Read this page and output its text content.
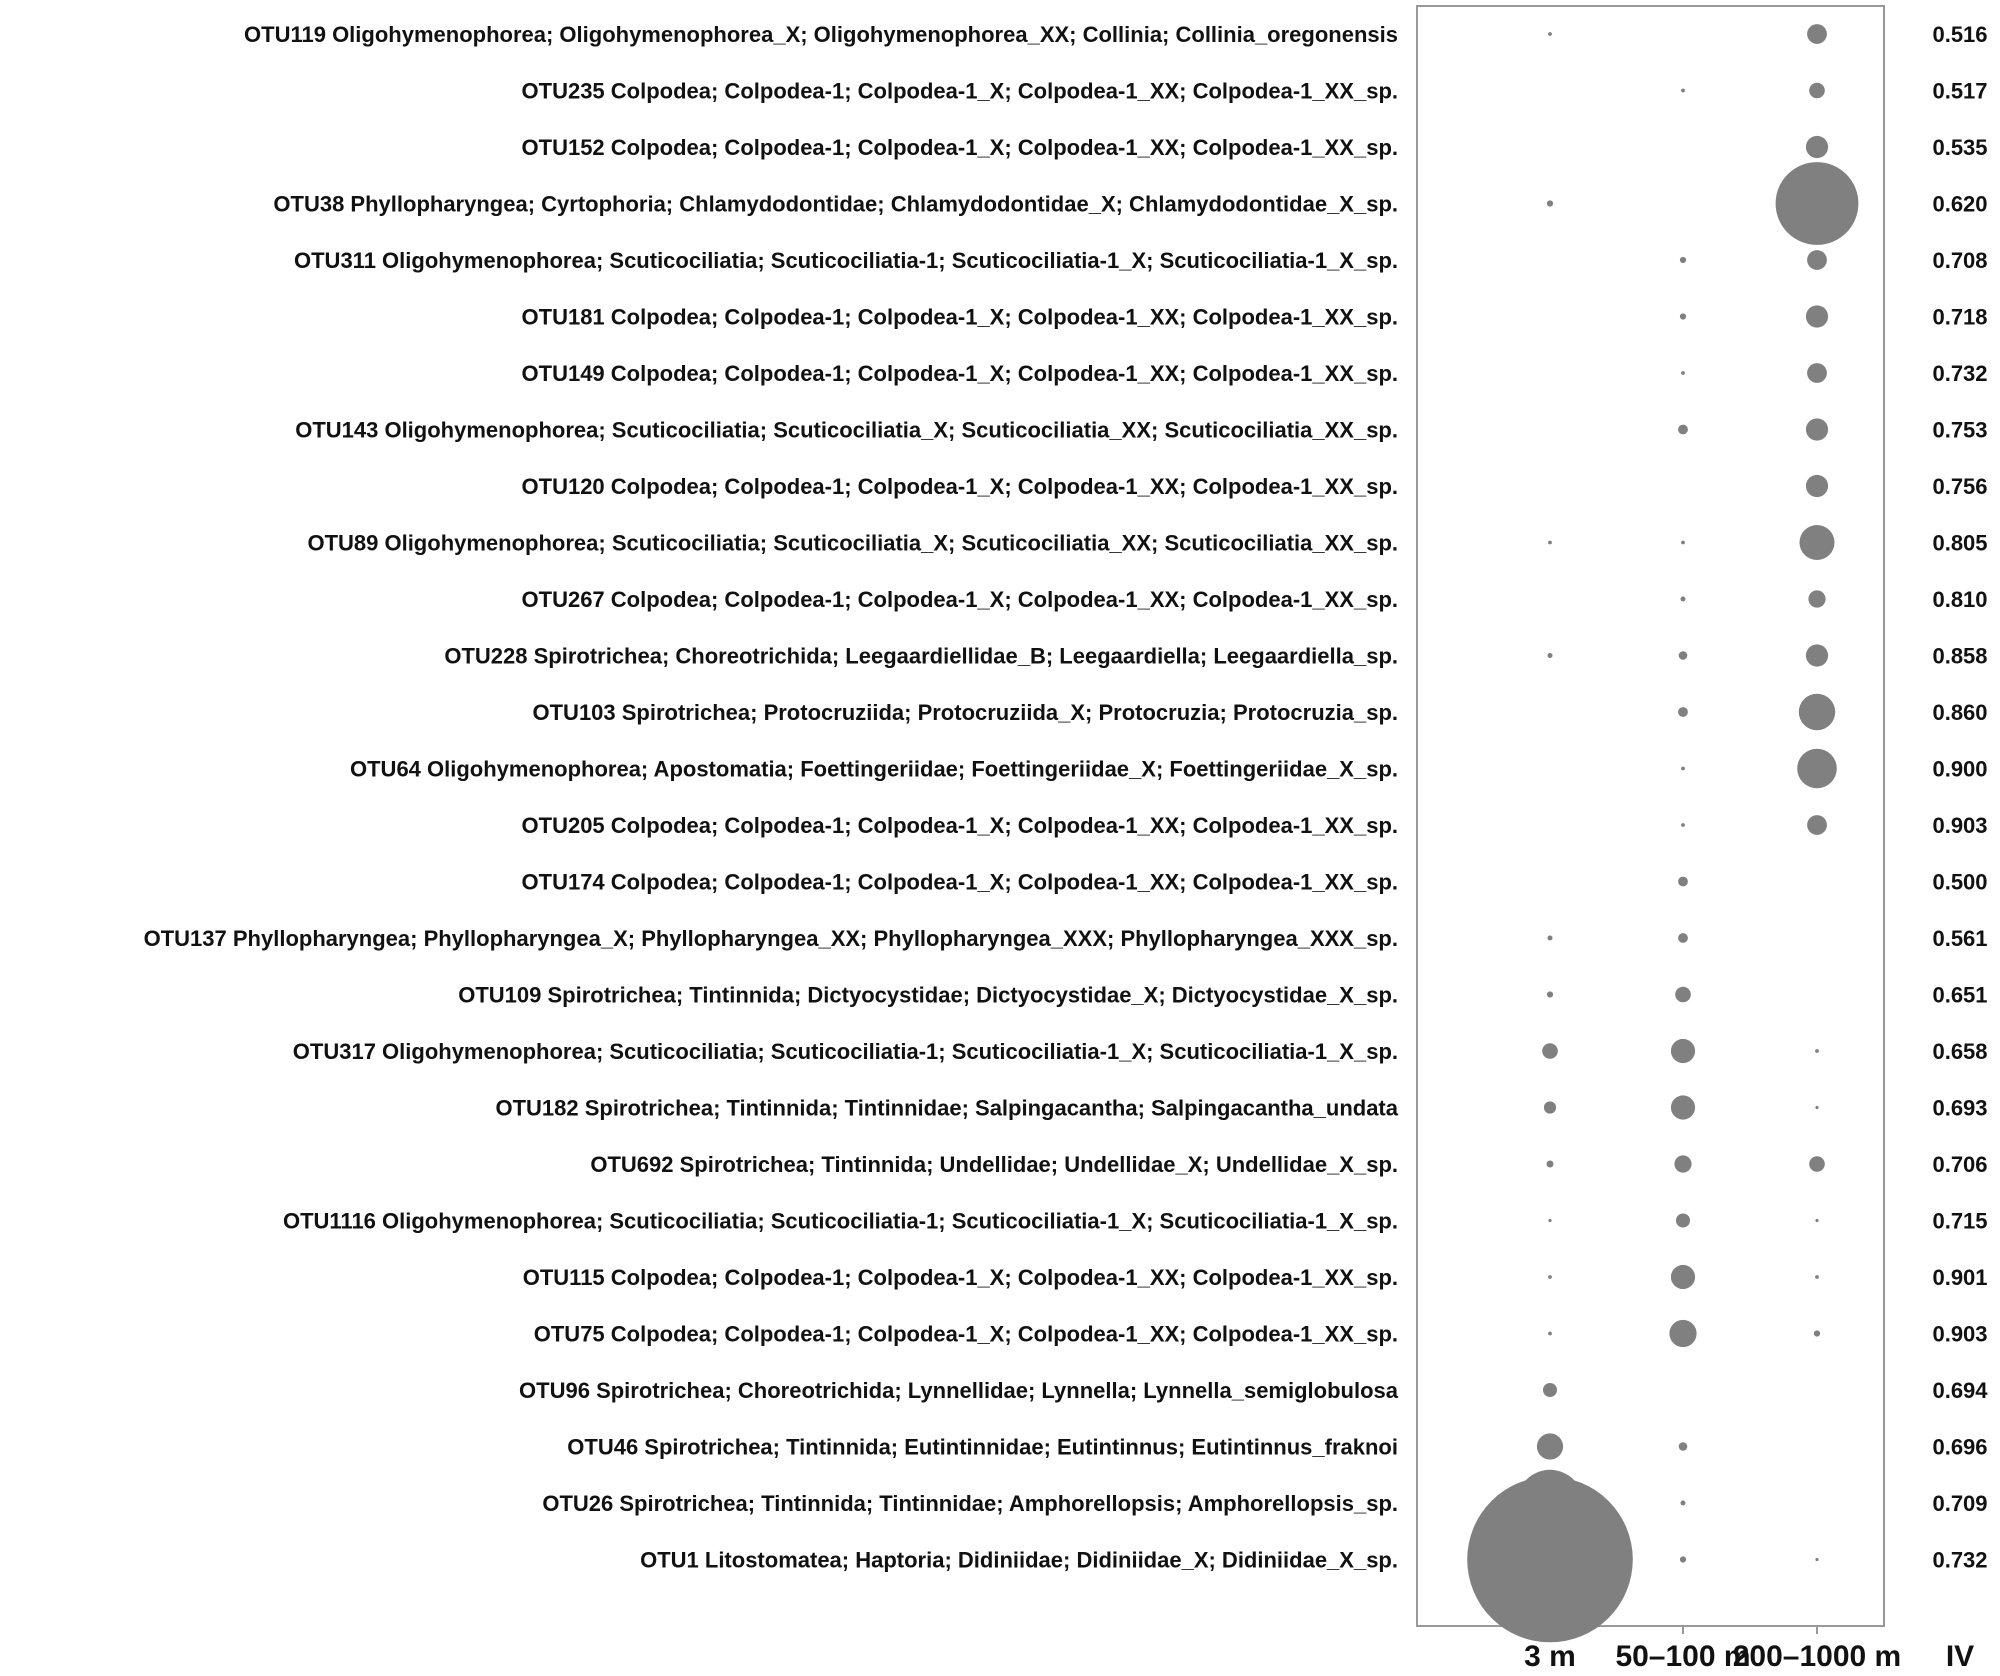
OTU119 Oligohymenophorea; Oligohymenophorea_X; Oligohymenophorea_XX; Collinia; Collinia_oregonensis
OTU235 Colpodea; Colpodea-1; Colpodea-1_X; Colpodea-1_XX; Colpodea-1_XX_sp.
OTU152 Colpodea; Colpodea-1; Colpodea-1_X; Colpodea-1_XX; Colpodea-1_XX_sp.
OTU38 Phyllopharyngea; Cyrtophoria; Chlamydodontidae; Chlamydodontidae_X; Chlamydodontidae_X_sp.
OTU311 Oligohymenophorea; Scuticociliatia; Scuticociliatia-1; Scuticociliatia-1_X; Scuticociliatia-1_X_sp.
OTU181 Colpodea; Colpodea-1; Colpodea-1_X; Colpodea-1_XX; Colpodea-1_XX_sp.
OTU149 Colpodea; Colpodea-1; Colpodea-1_X; Colpodea-1_XX; Colpodea-1_XX_sp.
OTU143 Oligohymenophorea; Scuticociliatia; Scuticociliatia_X; Scuticociliatia_XX; Scuticociliatia_XX_sp.
OTU120 Colpodea; Colpodea-1; Colpodea-1_X; Colpodea-1_XX; Colpodea-1_XX_sp.
OTU89 Oligohymenophorea; Scuticociliatia; Scuticociliatia_X; Scuticociliatia_XX; Scuticociliatia_XX_sp.
OTU267 Colpodea; Colpodea-1; Colpodea-1_X; Colpodea-1_XX; Colpodea-1_XX_sp.
OTU228 Spirotrichea; Choreotrichida; Leegaardiellidae_B; Leegaardiella; Leegaardiella_sp.
OTU103 Spirotrichea; Protocruziida; Protocruziida_X; Protocruzia; Protocruzia_sp.
OTU64 Oligohymenophorea; Apostomatia; Foettingeriidae; Foettingeriidae_X; Foettingeriidae_X_sp.
OTU205 Colpodea; Colpodea-1; Colpodea-1_X; Colpodea-1_XX; Colpodea-1_XX_sp.
OTU174 Colpodea; Colpodea-1; Colpodea-1_X; Colpodea-1_XX; Colpodea-1_XX_sp.
OTU137 Phyllopharyngea; Phyllopharyngea_X; Phyllopharyngea_XX; Phyllopharyngea_XXX; Phyllopharyngea_XXX_sp.
OTU109 Spirotrichea; Tintinnida; Dictyocystidae; Dictyocystidae_X; Dictyocystidae_X_sp.
OTU317 Oligohymenophorea; Scuticociliatia; Scuticociliatia-1; Scuticociliatia-1_X; Scuticociliatia-1_X_sp.
OTU182 Spirotrichea; Tintinnida; Tintinnidae; Salpingacantha; Salpingacantha_undata
OTU692 Spirotrichea; Tintinnida; Undellidae; Undellidae_X; Undellidae_X_sp.
OTU1116 Oligohymenophorea; Scuticociliatia; Scuticociliatia-1; Scuticociliatia-1_X; Scuticociliatia-1_X_sp.
OTU115 Colpodea; Colpodea-1; Colpodea-1_X; Colpodea-1_XX; Colpodea-1_XX_sp.
OTU75 Colpodea; Colpodea-1; Colpodea-1_X; Colpodea-1_XX; Colpodea-1_XX_sp.
OTU96 Spirotrichea; Choreotrichida; Lynnellidae; Lynnella; Lynnella_semiglobulosa
OTU46 Spirotrichea; Tintinnida; Eutintinnidae; Eutintinnus; Eutintinnus_fraknoi
OTU26 Spirotrichea; Tintinnida; Tintinnidae; Amphorellopsis; Amphorellopsis_sp.
OTU1 Litostomatea; Haptoria; Didiniidae; Didiniidae_X; Didiniidae_X_sp.
0.516
0.517
0.535
0.620
0.708
0.718
0.732
0.753
0.756
0.805
0.810
0.858
0.860
0.900
0.903
0.500
0.561
0.651
0.658
0.693
0.706
0.715
0.901
0.903
0.694
0.696
0.709
0.732
3 m 50–100 m
200–1000 m IV
